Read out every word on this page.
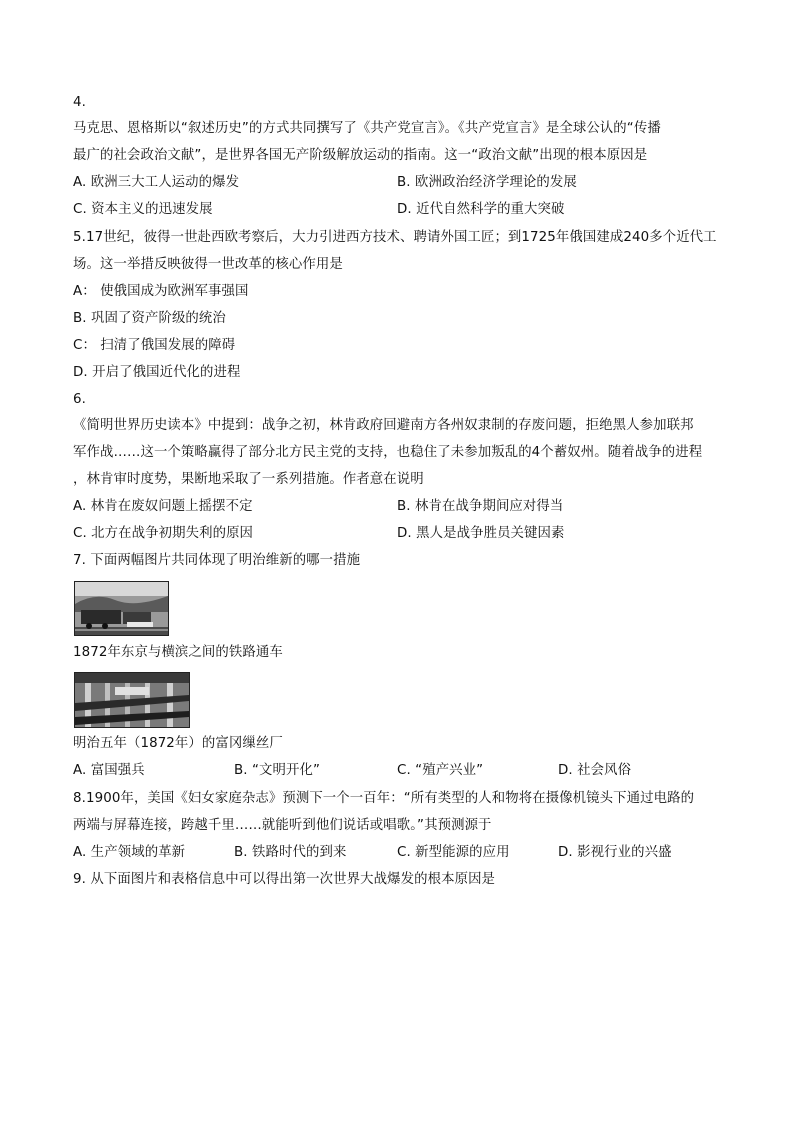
4.
马克思、恩格斯以“叙述历史”的方式共同撰写了《共产党宣言》。《共产党宣言》是全球公认的“传播
最广的社会政治文献”，是世界各国无产阶级解放运动的指南。这一“政治文献”出现的根本原因是
A. 欧洲三大工人运动的爆发	B. 欧洲政治经济学理论的发展
C. 资本主义的迅速发展	D. 近代自然科学的重大突破
5.17世纪，彼得一世赴西欧考察后，大力引进西方技术、聘请外国工匠；到1725年俄国建成240多个近代工
场。这一举措反映彼得一世改革的核心作用是
A： 使俄国成为欧洲军事强国
B. 巩固了资产阶级的统治
C： 扫清了俄国发展的障碍
D. 开启了俄国近代化的进程
6.
《简明世界历史读本》中提到：战争之初，林肯政府回避南方各州奴隶制的存废问题，拒绝黑人参加联邦
军作战……这一个策略赢得了部分北方民主党的支持，也稳住了未参加叛乱的4个蓄奴州。随着战争的进程
，林肯审时度势，果断地采取了一系列措施。作者意在说明
A. 林肯在废奴问题上摇摆不定	B. 林肯在战争期间应对得当
C. 北方在战争初期失利的原因	D. 黑人是战争胜员关键因素
7. 下面两幅图片共同体现了明治维新的哪一措施
1872年东京与横滨之间的铁路通车
明治五年（1872年）的富冈缫丝厂
A. 富国强兵	B. “文明开化”	C. “殖产兴业”	D. 社会风俗
8.1900年，美国《妇女家庭杂志》预测下一个一百年：“所有类型的人和物将在摄像机镜头下通过电路的
两端与屏幕连接，跨越千里……就能听到他们说话或唱歌。”其预测源于
A. 生产领域的革新	B. 铁路时代的到来	C. 新型能源的应用	D. 影视行业的兴盛
9. 从下面图片和表格信息中可以得出第一次世界大战爆发的根本原因是
